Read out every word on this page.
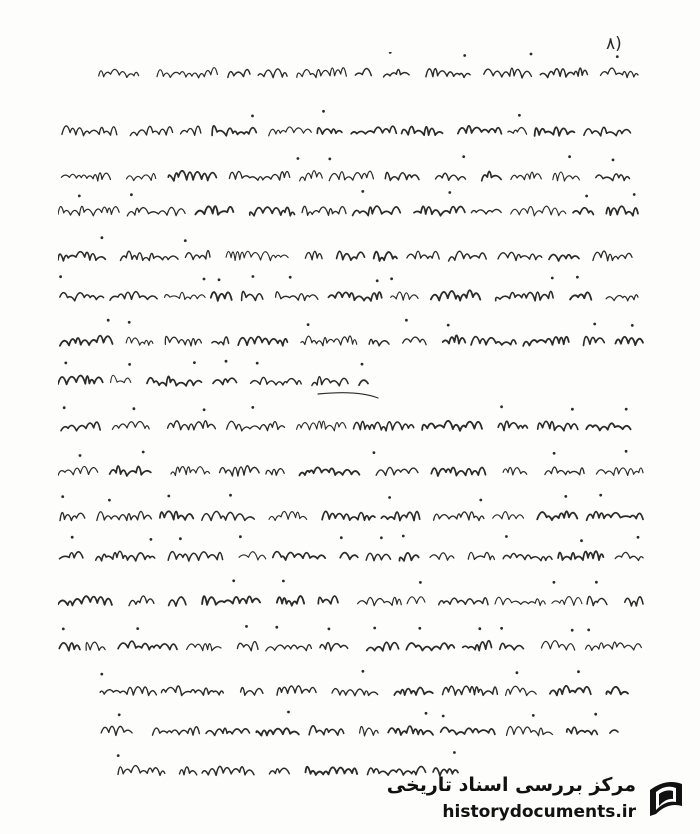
(۸
مرکز بررسی اسناد تاریخی
historydocuments.ir
